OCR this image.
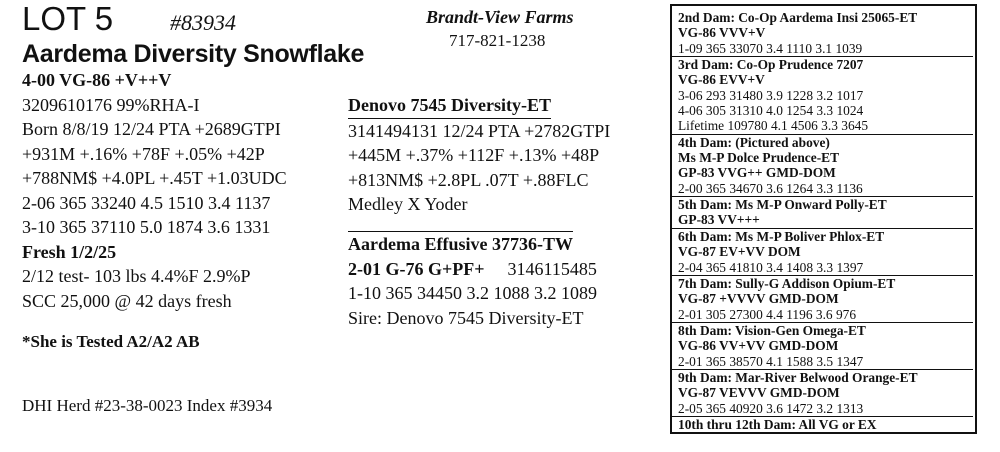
LOT 5	#83934
Aardema Diversity Snowflake
Brandt-View Farms
717-821-1238
4-00 VG-86 +V++V
3209610176 99%RHA-I
Born 8/8/19 12/24 PTA +2689GTPI
+931M +.16% +78F +.05% +42P
+788NM$ +4.0PL +.45T +1.03UDC
2-06 365 33240 4.5 1510 3.4 1137
3-10 365 37110 5.0 1874 3.6 1331
Fresh 1/2/25
2/12 test- 103 lbs 4.4%F 2.9%P
SCC 25,000 @ 42 days fresh
*She is Tested A2/A2 AB
DHI Herd #23-38-0023 Index #3934
Denovo 7545 Diversity-ET
3141494131 12/24 PTA +2782GTPI
+445M +.37% +112F +.13% +48P
+813NM$ +2.8PL .07T +.88FLC
Medley X Yoder
Aardema Effusive 37736-TW
2-01 G-76 G+PF+ 3146115485
1-10 365 34450 3.2 1088 3.2 1089
Sire: Denovo 7545 Diversity-ET
2nd Dam: Co-Op Aardema Insi 25065-ET
VG-86 VVV+V
1-09 365 33070 3.4 1110 3.1 1039
3rd Dam: Co-Op Prudence 7207
VG-86 EVV+V
3-06 293 31480 3.9 1228 3.2 1017
4-06 305 31310 4.0 1254 3.3 1024
Lifetime 109780 4.1 4506 3.3 3645
4th Dam: (Pictured above)
Ms M-P Dolce Prudence-ET
GP-83 VVG++ GMD-DOM
2-00 365 34670 3.6 1264 3.3 1136
5th Dam: Ms M-P Onward Polly-ET
GP-83 VV+++
6th Dam: Ms M-P Boliver Phlox-ET
VG-87 EV+VV DOM
2-04 365 41810 3.4 1408 3.3 1397
7th Dam: Sully-G Addison Opium-ET
VG-87 +VVVV GMD-DOM
2-01 305 27300 4.4 1196 3.6 976
8th Dam: Vision-Gen Omega-ET
VG-86 VV+VV GMD-DOM
2-01 365 38570 4.1 1588 3.5 1347
9th Dam: Mar-River Belwood Orange-ET
VG-87 VEVVV GMD-DOM
2-05 365 40920 3.6 1472 3.2 1313
10th thru 12th Dam: All VG or EX
